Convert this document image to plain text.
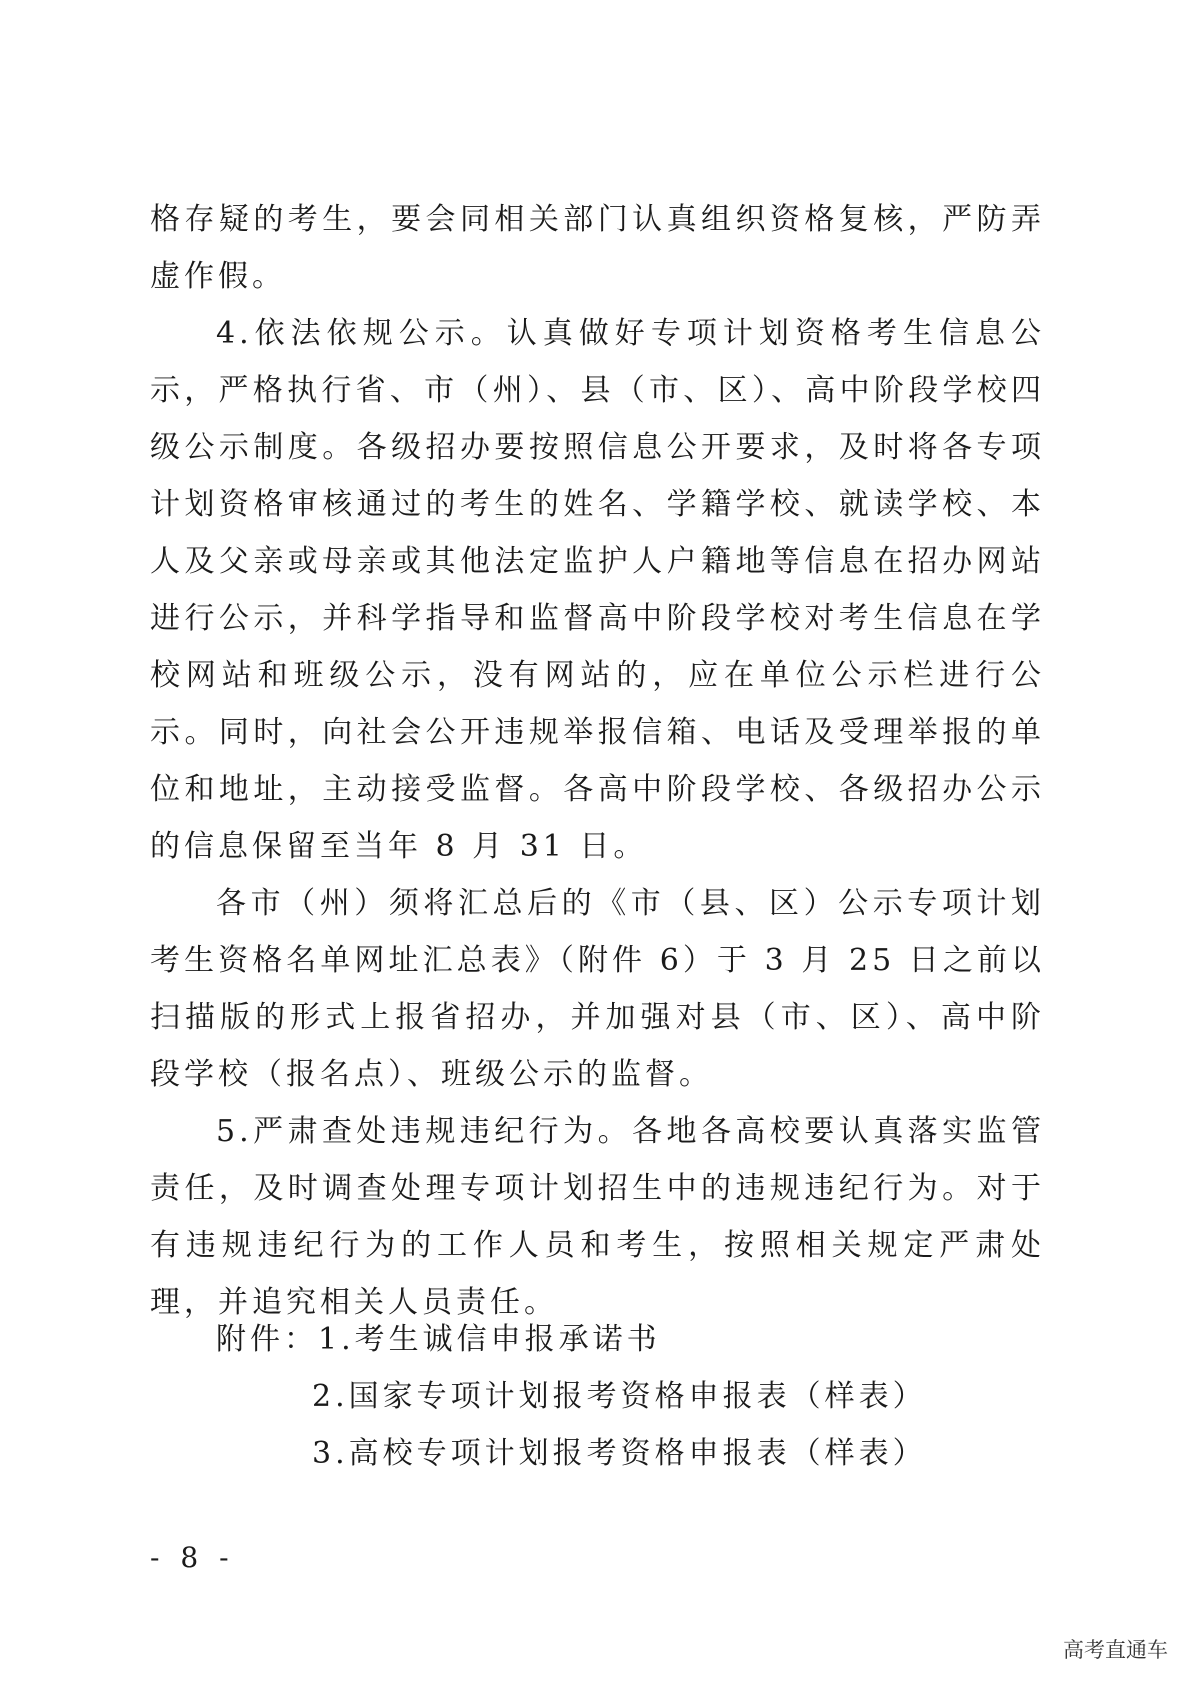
格存疑的考生，要会同相关部门认真组织资格复核，严防弄虚作假。

4.依法依规公示。认真做好专项计划资格考生信息公示，严格执行省、市（州）、县（市、区）、高中阶段学校四级公示制度。各级招办要按照信息公开要求，及时将各专项计划资格审核通过的考生的姓名、学籍学校、就读学校、本人及父亲或母亲或其他法定监护人户籍地等信息在招办网站进行公示，并科学指导和监督高中阶段学校对考生信息在学校网站和班级公示，没有网站的，应在单位公示栏进行公示。同时，向社会公开违规举报信箱、电话及受理举报的单位和地址，主动接受监督。各高中阶段学校、各级招办公示的信息保留至当年 8 月 31 日。

各市（州）须将汇总后的《市（县、区）公示专项计划考生资格名单网址汇总表》（附件 6）于 3 月 25 日之前以扫描版的形式上报省招办，并加强对县（市、区）、高中阶段学校（报名点）、班级公示的监督。

5.严肃查处违规违纪行为。各地各高校要认真落实监管责任，及时调查处理专项计划招生中的违规违纪行为。对于有违规违纪行为的工作人员和考生，按照相关规定严肃处理，并追究相关人员责任。

附件：1.考生诚信申报承诺书

2.国家专项计划报考资格申报表（样表）

3.高校专项计划报考资格申报表（样表）

- 8 -
高考直通车
